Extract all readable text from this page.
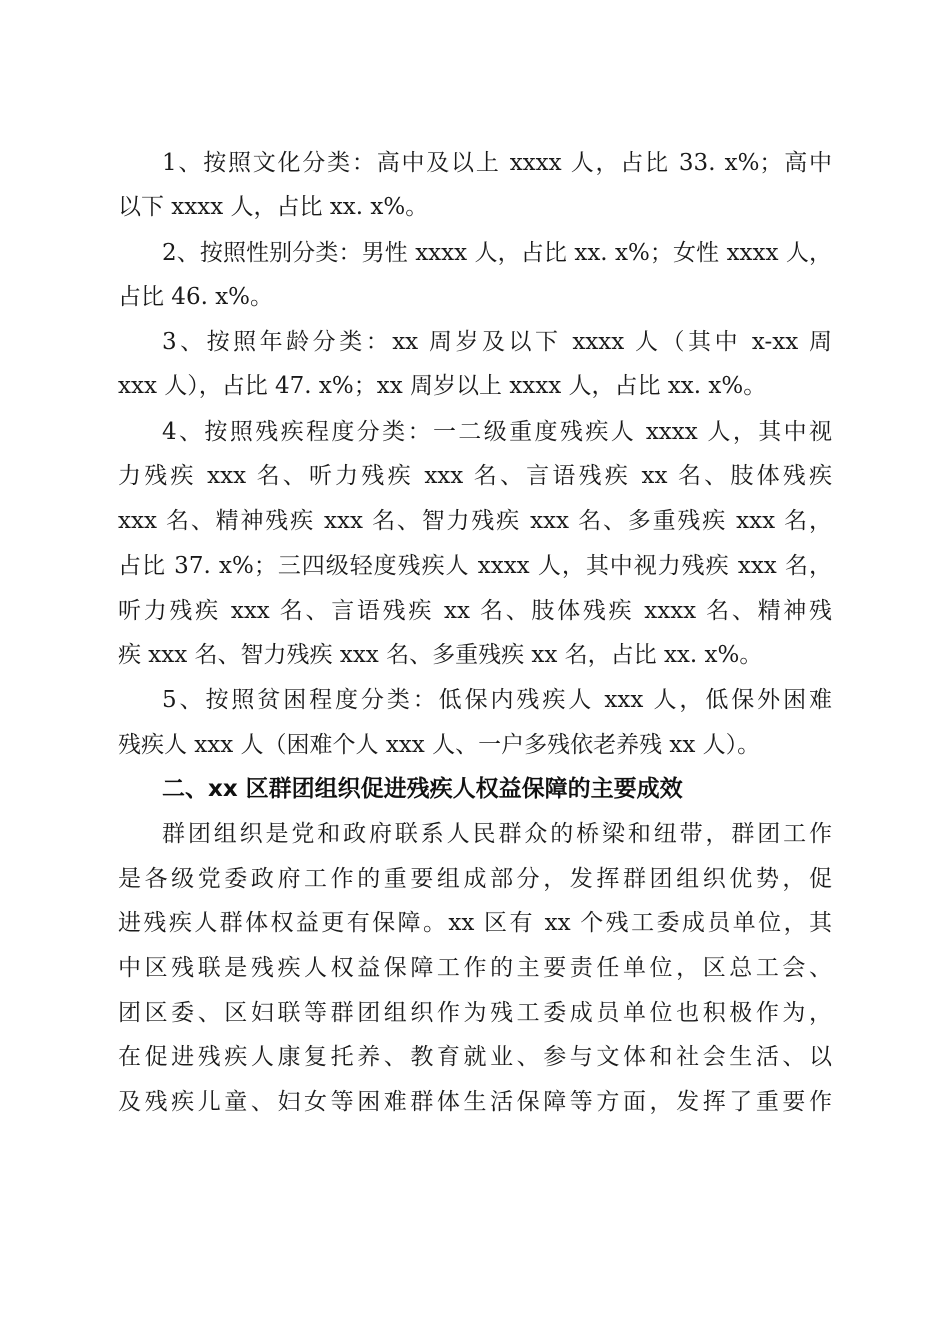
1、按照文化分类：高中及以上 xxxx 人，占比 33. x%；高中
以下 xxxx 人，占比 xx. x%。
2、按照性别分类：男性 xxxx 人，占比 xx. x%；女性 xxxx 人，
占比 46. x%。
3、按照年龄分类：xx 周岁及以下 xxxx 人（其中 x-xx 周
xxx 人），占比 47. x%；xx 周岁以上 xxxx 人，占比 xx. x%。
4、按照残疾程度分类：一二级重度残疾人 xxxx 人，其中视
力残疾 xxx 名、听力残疾 xxx 名、言语残疾 xx 名、肢体残疾
xxx 名、精神残疾 xxx 名、智力残疾 xxx 名、多重残疾 xxx 名，
占比 37. x%；三四级轻度残疾人 xxxx 人，其中视力残疾 xxx 名，
听力残疾 xxx 名、言语残疾 xx 名、肢体残疾 xxxx 名、精神残
疾 xxx 名、智力残疾 xxx 名、多重残疾 xx 名，占比 xx. x%。
5、按照贫困程度分类：低保内残疾人 xxx 人，低保外困难
残疾人 xxx 人（困难个人 xxx 人、一户多残依老养残 xx 人）。
二、xx 区群团组织促进残疾人权益保障的主要成效
群团组织是党和政府联系人民群众的桥梁和纽带，群团工作
是各级党委政府工作的重要组成部分，发挥群团组织优势，促
进残疾人群体权益更有保障。xx 区有 xx 个残工委成员单位，其
中区残联是残疾人权益保障工作的主要责任单位，区总工会、
团区委、区妇联等群团组织作为残工委成员单位也积极作为，
在促进残疾人康复托养、教育就业、参与文体和社会生活、以
及残疾儿童、妇女等困难群体生活保障等方面，发挥了重要作
